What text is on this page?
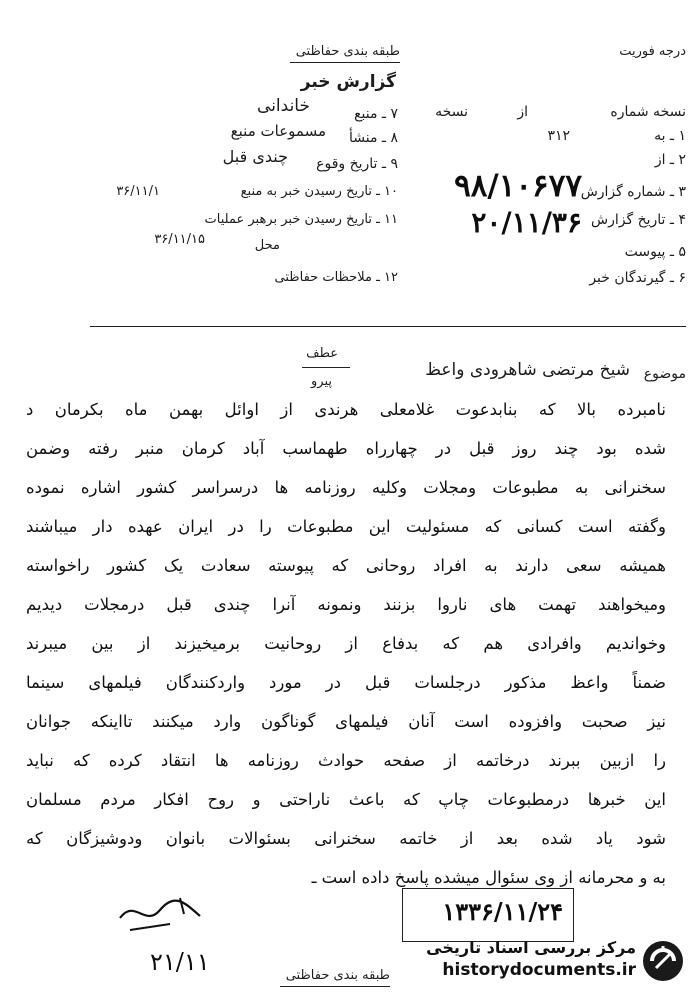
طبقه بندی حفاظتی	درجه فوریت
گزارش خبر
نسخه شماره
از
نسخه
۱ ـ به
۳۱۲
۲ ـ از
۳ ـ شماره گزارش
۹۸/۱۰۶۷۷
۴ ـ تاریخ گزارش
۲۰/۱۱/۳۶
۵ ـ پیوست
۶ ـ گیرندگان خبر
۷ ـ منبع
خاندانی
۸ ـ منشأ
مسموعات منبع
۹ ـ تاریخ وقوع
چندی قبل
۱۰ ـ تاریخ رسیدن خبر به منبع
۳۶/۱۱/۱
۱۱ ـ تاریخ رسیدن خبر برهبر عملیات
محل
۳۶/۱۱/۱۵
۱۲ ـ ملاحظات حفاظتی
موضوع
شیخ مرتضی شاهرودی واعظ
عطف
پیرو
نامبرده بالا که بنابدعوت غلامعلی هرندی از اوائل بهمن ماه بکرمان د
شده بود چند روز قبل در چهارراه طهماسب آباد کرمان منبر رفته وضمن
سخنرانی به مطبوعات ومجلات وکلیه روزنامه ها درسراسر کشور اشاره نموده
وگفته است کسانی که مسئولیت این مطبوعات را در ایران عهده دار میباشند
همیشه سعی دارند به افراد روحانی که پیوسته سعادت یک کشور راخواسته
ومیخواهند تهمت های ناروا بزنند ونمونه آنرا چندی قبل درمجلات دیدیم
وخواندیم وافرادی هم که بدفاع از روحانیت برمیخیزند از بین میبرند
ضمناً واعظ مذکور درجلسات قبل در مورد واردکنندگان فیلمهای سینما
نیز صحبت وافزوده است آنان فیلمهای گوناگون وارد میکنند تااینکه جوانان
را ازبین ببرند درخاتمه از صفحه حوادث روزنامه ها انتقاد کرده که نباید
این خبرها درمطبوعات چاپ که باعث ناراحتی و روح افکار مردم مسلمان
شود یاد شده بعد از خاتمه سخنرانی بسئوالات بانوان ودوشیزگان که
به و محرمانه از وی سئوال میشده پاسخ داده است ـ
۲۱/۱۱
۱۳۳۶/۱۱/۲۴
طبقه بندی حفاظتی
مرکز بررسی اسناد تاریخی
historydocuments.ir
